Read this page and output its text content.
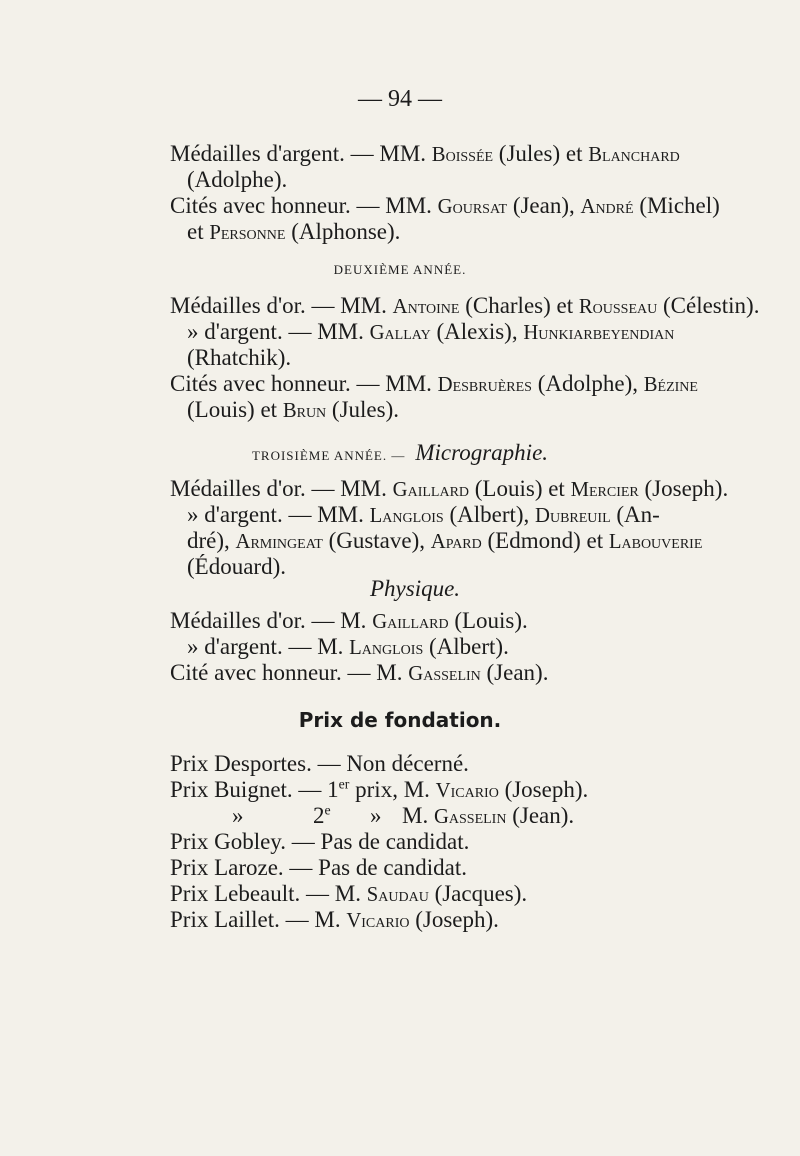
— 94 —
Médailles d'argent. — MM. Boissée (Jules) et Blanchard
(Adolphe).
Cités avec honneur. — MM. Goursat (Jean), André (Michel)
et Personne (Alphonse).
DEUXIÈME ANNÉE.
Médailles d'or. — MM. Antoine (Charles) et Rousseau (Célestin).
» d'argent. — MM. Gallay (Alexis), Hunkiarbeyendian
(Rhatchik).
Cités avec honneur. — MM. Desbruères (Adolphe), Bézine
(Louis) et Brun (Jules).
TROISIÈME ANNÉE. — Micrographie.
Médailles d'or. — MM. Gaillard (Louis) et Mercier (Joseph).
» d'argent. — MM. Langlois (Albert), Dubreuil (An-
dré), Armingeat (Gustave), Apard (Edmond) et Labouverie
(Édouard).
Physique.
Médailles d'or. — M. Gaillard (Louis).
» d'argent. — M. Langlois (Albert).
Cité avec honneur. — M. Gasselin (Jean).
Prix de fondation.
Prix Desportes. — Non décerné.
Prix Buignet. — 1er prix, M. Vicario (Joseph).
»	2e » M. Gasselin (Jean).
Prix Gobley. — Pas de candidat.
Prix Laroze. — Pas de candidat.
Prix Lebeault. — M. Saudau (Jacques).
Prix Laillet. — M. Vicario (Joseph).
